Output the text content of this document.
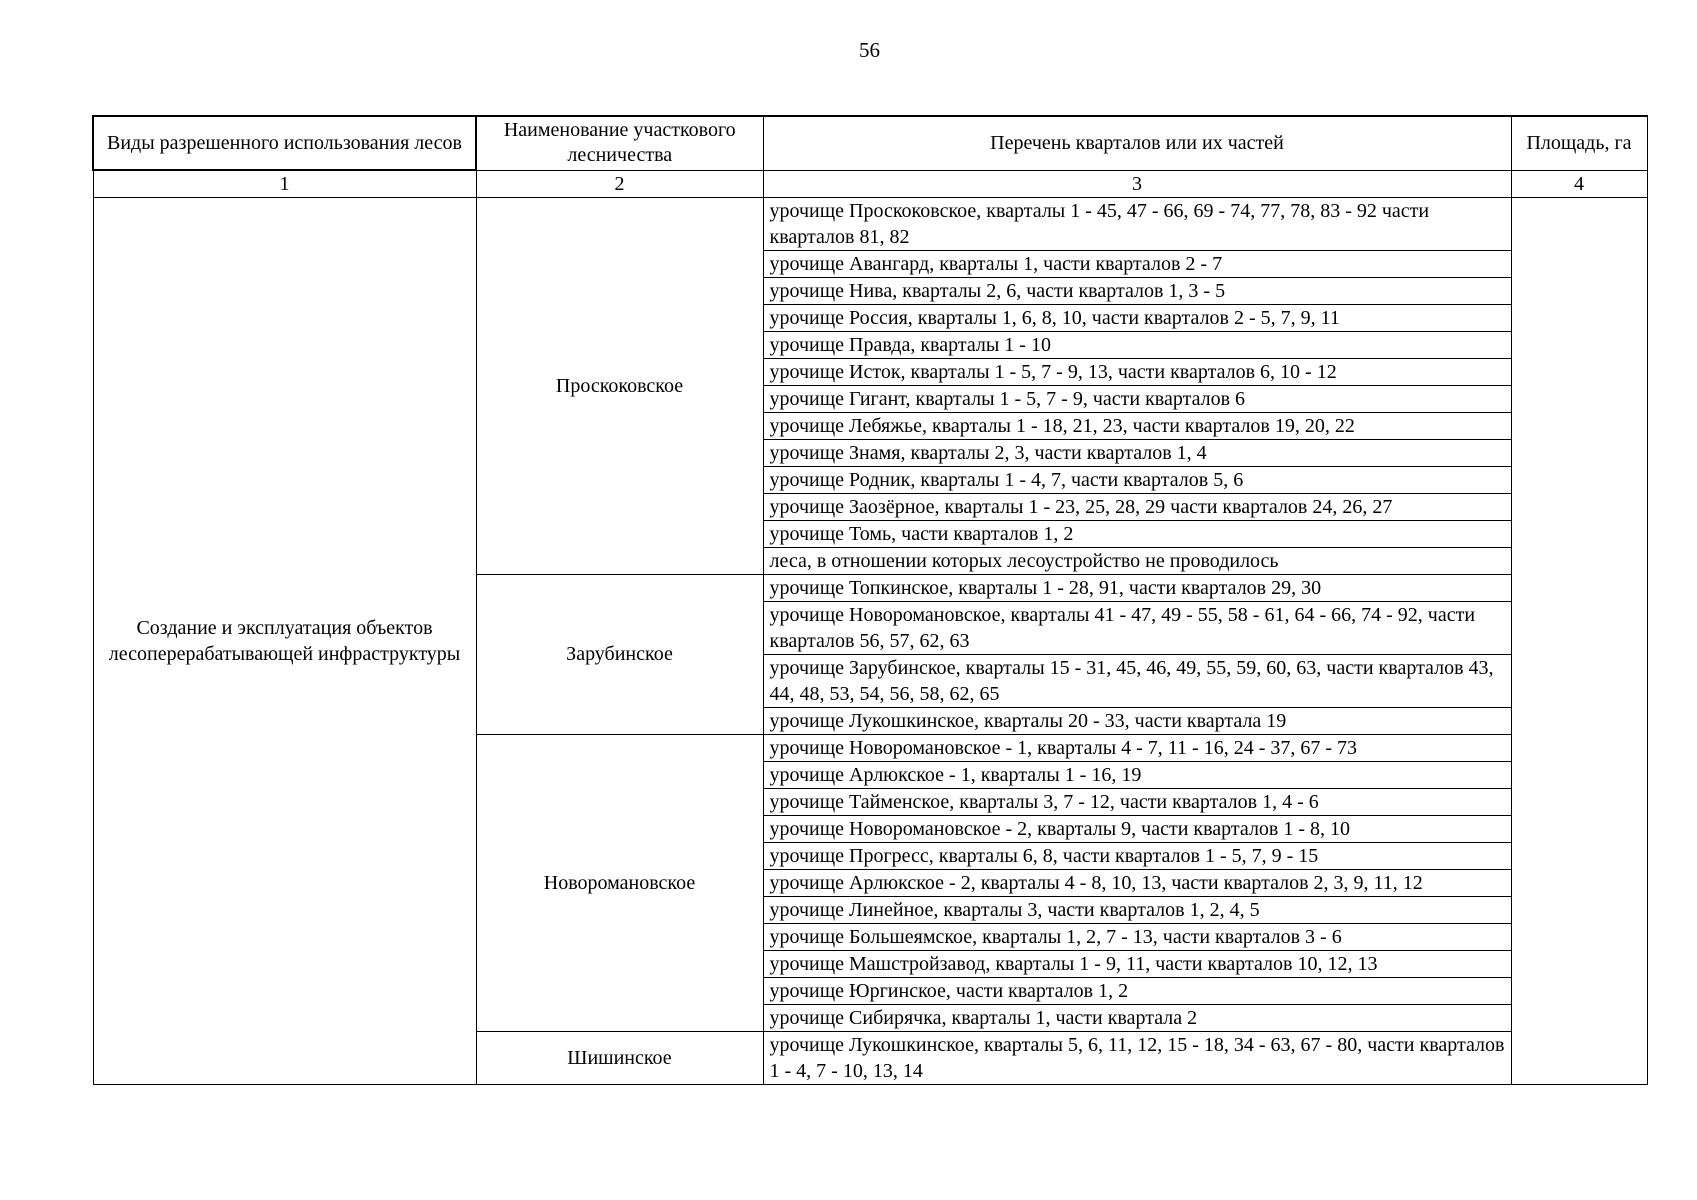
56
Виды разрешенного использования лесов	Наименование участкового лесничества	Перечень кварталов или их частей	Площадь, га
1	2	3	4
Создание и эксплуатация объектов лесоперерабатывающей инфраструктуры	Проскоковское	урочище Проскоковское, кварталы 1 - 45, 47 - 66, 69 - 74, 77, 78, 83 - 92 части кварталов 81, 82	
		урочище Авангард, кварталы 1, части кварталов 2 - 7	
		урочище Нива, кварталы 2, 6, части кварталов 1, 3 - 5	
		урочище Россия, кварталы 1, 6, 8, 10, части кварталов 2 - 5, 7, 9, 11	
		урочище Правда, кварталы 1 - 10	
		урочище Исток, кварталы 1 - 5, 7 - 9, 13, части кварталов 6, 10 - 12	
		урочище Гигант, кварталы 1 - 5, 7 - 9, части кварталов 6	
		урочище Лебяжье, кварталы 1 - 18, 21, 23, части кварталов 19, 20, 22	
		урочище Знамя, кварталы 2, 3, части кварталов 1, 4	
		урочище Родник, кварталы 1 - 4, 7, части кварталов 5, 6	
		урочище Заозёрное, кварталы 1 - 23, 25, 28, 29 части кварталов 24, 26, 27	
		урочище Томь, части кварталов 1, 2	
		леса, в отношении которых лесоустройство не проводилось	
	Зарубинское	урочище Топкинское, кварталы 1 - 28, 91, части кварталов 29, 30	
		урочище Новоромановское, кварталы 41 - 47, 49 - 55, 58 - 61, 64 - 66, 74 - 92, части кварталов 56, 57, 62, 63	
		урочище Зарубинское, кварталы 15 - 31, 45, 46, 49, 55, 59, 60, 63, части кварталов 43, 44, 48, 53, 54, 56, 58, 62, 65	
		урочище Лукошкинское, кварталы 20 - 33, части квартала 19	
	Новоромановское	урочище Новоромановское - 1, кварталы 4 - 7, 11 - 16, 24 - 37, 67 - 73	
		урочище Арлюкское - 1, кварталы 1 - 16, 19	
		урочище Тайменское, кварталы 3, 7 - 12, части кварталов 1, 4 - 6	
		урочище Новоромановское - 2, кварталы 9, части кварталов 1 - 8, 10	
		урочище Прогресс, кварталы 6, 8, части кварталов 1 - 5, 7, 9 - 15	
		урочище Арлюкское - 2, кварталы 4 - 8, 10, 13, части кварталов 2, 3, 9, 11, 12	
		урочище Линейное, кварталы 3, части кварталов 1, 2, 4, 5	
		урочище Большеямское, кварталы 1, 2, 7 - 13, части кварталов 3 - 6	
		урочище Машстройзавод, кварталы 1 - 9, 11, части кварталов 10, 12, 13	
		урочище Юргинское, части кварталов 1, 2	
		урочище Сибирячка, кварталы 1, части квартала 2	
	Шишинское	урочище Лукошкинское, кварталы 5, 6, 11, 12, 15 - 18, 34 - 63, 67 - 80, части кварталов 1 - 4, 7 - 10, 13, 14	
